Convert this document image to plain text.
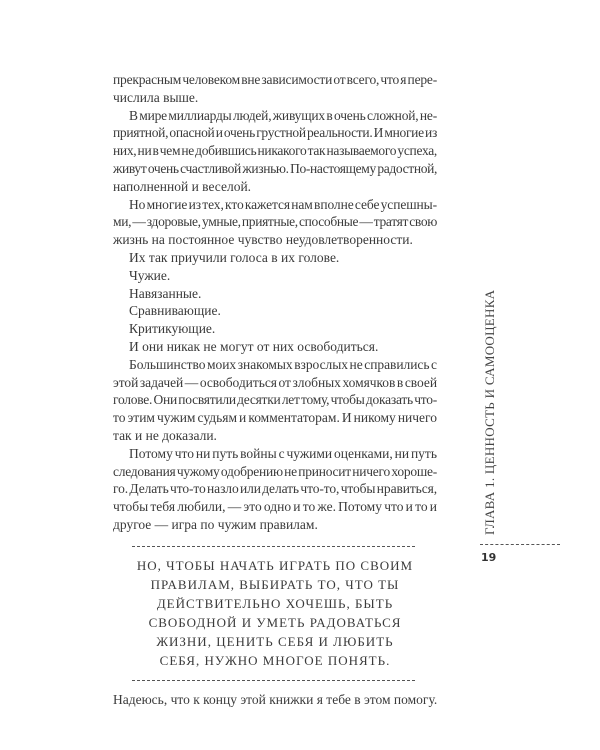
прекрасным человеком вне зависимости от всего, что я пере-
числила выше.
В мире миллиарды людей, живущих в очень сложной, не-
приятной, опасной и очень грустной реальности. И многие из
них, ни в чем не добившись никакого так называемого успеха,
живут очень счастливой жизнью. По-настоящему радостной,
наполненной и веселой.
Но многие из тех, кто кажется нам вполне себе успешны-
ми, — здоровые, умные, приятные, способные — тратят свою
жизнь на постоянное чувство неудовлетворенности.
Их так приучили голоса в их голове.
Чужие.
Навязанные.
Сравнивающие.
Критикующие.
И они никак не могут от них освободиться.
Большинство моих знакомых взрослых не справились с
этой задачей — освободиться от злобных хомячков в своей
голове. Они посвятили десятки лет тому, чтобы доказать что-
то этим чужим судьям и комментаторам. И никому ничего
так и не доказали.
Потому что ни путь войны с чужими оценками, ни путь
следования чужому одобрению не приносит ничего хороше-
го. Делать что-то назло или делать что-то, чтобы нравиться,
чтобы тебя любили, — это одно и то же. Потому что и то и
другое — игра по чужим правилам.
НО, ЧТОБЫ НАЧАТЬ ИГРАТЬ ПО СВОИМ
ПРАВИЛАМ, ВЫБИРАТЬ ТО, ЧТО ТЫ
ДЕЙСТВИТЕЛЬНО ХОЧЕШЬ, БЫТЬ
СВОБОДНОЙ И УМЕТЬ РАДОВАТЬСЯ
ЖИЗНИ, ЦЕНИТЬ СЕБЯ И ЛЮБИТЬ
СЕБЯ, НУЖНО МНОГОЕ ПОНЯТЬ.
Надеюсь, что к концу этой книжки я тебе в этом помогу.
ГЛАВА 1. ЦЕННОСТЬ И САМООЦЕНКА
19
